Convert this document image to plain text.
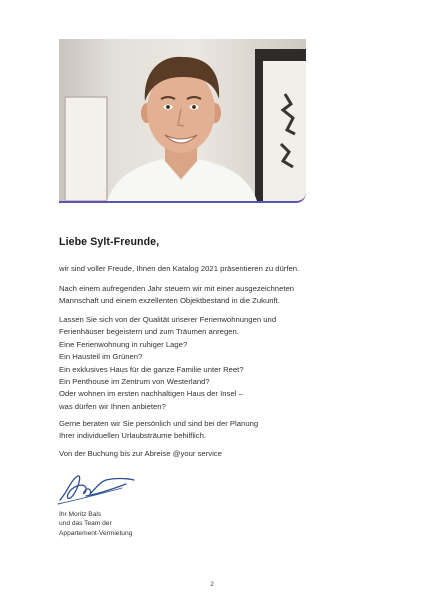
Liebe Sylt-Freunde,

wir sind voller Freude, Ihnen den Katalog 2021 präsentieren zu dürfen.

Nach einem aufregenden Jahr steuern wir mit einer ausgezeichneten

Mannschaft und einem exzellenten Objektbestand in die Zukunft.

Lassen Sie sich von der Qualität unserer Ferienwohnungen und

Ferienhäuser begeistern und zum Träumen anregen.

Eine Ferienwohnung in ruhiger Lage?

Ein Hausteil im Grünen?

Ein exklusives Haus für die ganze Familie unter Reet?

Ein Penthouse im Zentrum von Westerland?

Oder wohnen im ersten nachhaltigen Haus der Insel –

was dürfen wir Ihnen anbieten?

Gerne beraten wir Sie persönlich und sind bei der Planung

Ihrer individuellen Urlaubsträume behilflich.

Von der Buchung bis zur Abreise @your service

Ihr Moritz Bals
und das Team der
Appartement-Vermietung
2
